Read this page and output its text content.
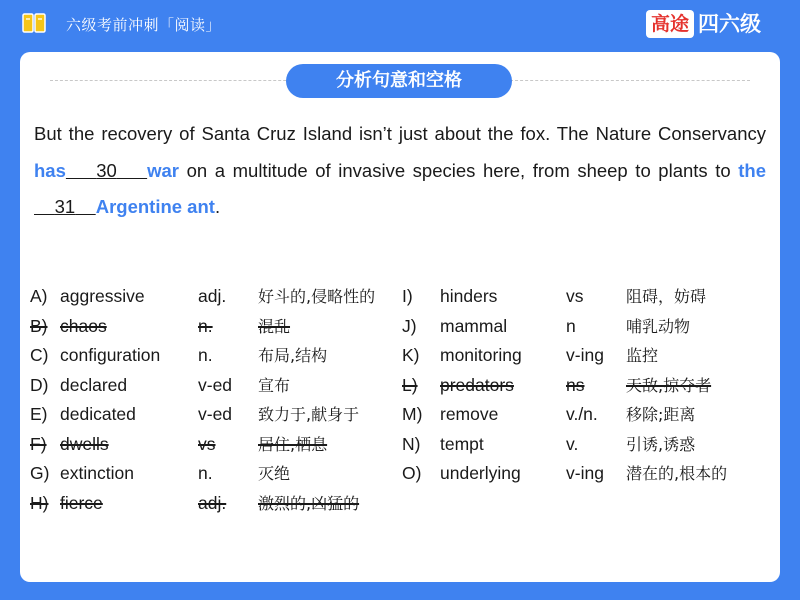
六级考前冲刺「阅读」	高途 四六级
分析句意和空格
But the recovery of Santa Cruz Island isn’t just about the fox. The Nature Conservancy has 30 war on a multitude of invasive species here, from sheep to plants to the    31 Argentine ant.
A) aggressive	adj. 好斗的,侵略性的
B) chaos	n.	混乱
C) configuration n.	布局,结构
D) declared	v-ed 宣布
E) dedicated	v-ed 致力于,献身于
F) dwells	vs	居住,栖息
G) extinction	n.	灭绝
H) fierce	adj. 激烈的,凶猛的
I) hinders	vs	阻碍，妨碍
J) mammal	n	哺乳动物
K) monitoring	v-ing 监控
L) predators	ns	天敌,掠夺者
M) remove	v./n. 移除;距离
N) tempt	v.	引诱,诱惑
O) underlying	v-ing 潜在的,根本的
